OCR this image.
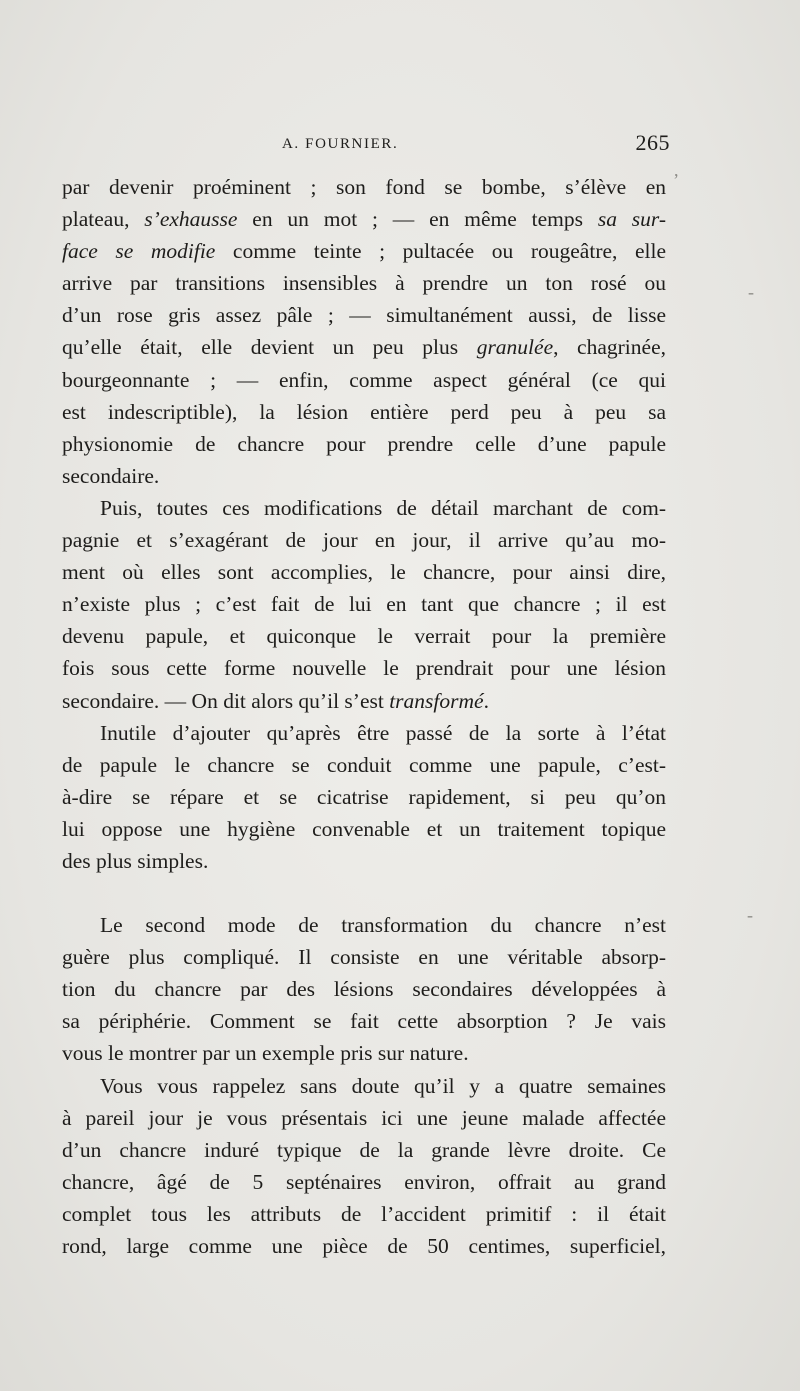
A. FOURNIER.	265
par devenir proéminent ; son fond se bombe, s’élève en
plateau, s’exhausse en un mot ; — en même temps sa sur-
face se modifie comme teinte ; pultacée ou rougeâtre, elle
arrive par transitions insensibles à prendre un ton rosé ou
d’un rose gris assez pâle ; — simultanément aussi, de lisse
qu’elle était, elle devient un peu plus granulée, chagrinée,
bourgeonnante ; — enfin, comme aspect général (ce qui
est indescriptible), la lésion entière perd peu à peu sa
physionomie de chancre pour prendre celle d’une papule
secondaire.
Puis, toutes ces modifications de détail marchant de com-
pagnie et s’exagérant de jour en jour, il arrive qu’au mo-
ment où elles sont accomplies, le chancre, pour ainsi dire,
n’existe plus ; c’est fait de lui en tant que chancre ; il est
devenu papule, et quiconque le verrait pour la première
fois sous cette forme nouvelle le prendrait pour une lésion
secondaire. — On dit alors qu’il s’est transformé.
Inutile d’ajouter qu’après être passé de la sorte à l’état
de papule le chancre se conduit comme une papule, c’est-
à-dire se répare et se cicatrise rapidement, si peu qu’on
lui oppose une hygiène convenable et un traitement topique
des plus simples.
Le second mode de transformation du chancre n’est
guère plus compliqué. Il consiste en une véritable absorp-
tion du chancre par des lésions secondaires développées à
sa périphérie. Comment se fait cette absorption ? Je vais
vous le montrer par un exemple pris sur nature.
Vous vous rappelez sans doute qu’il y a quatre semaines
à pareil jour je vous présentais ici une jeune malade affectée
d’un chancre induré typique de la grande lèvre droite. Ce
chancre, âgé de 5 septénaires environ, offrait au grand
complet tous les attributs de l’accident primitif : il était
rond, large comme une pièce de 50 centimes, superficiel,
,
-
-
